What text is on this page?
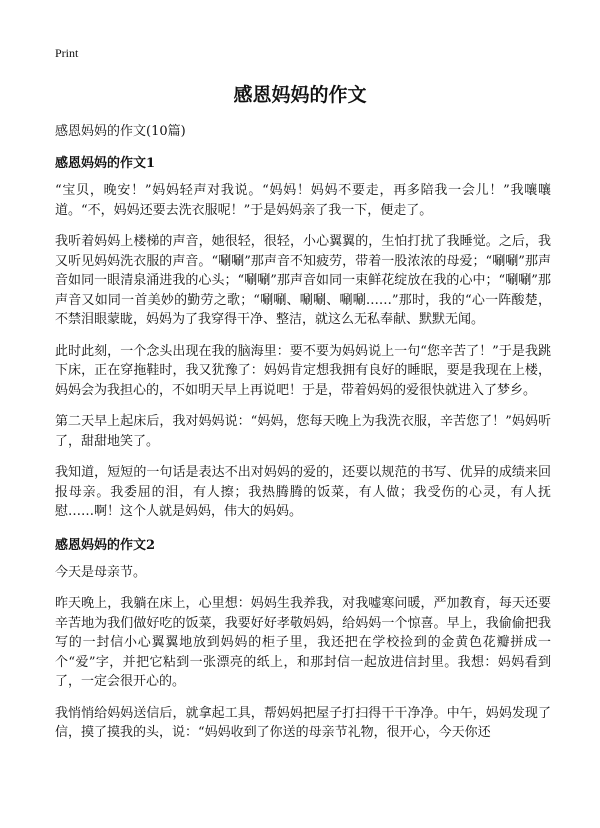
Print
感恩妈妈的作文
感恩妈妈的作文(10篇)
感恩妈妈的作文1

“宝贝，晚安！”妈妈轻声对我说。“妈妈！妈妈不要走，再多陪我一会儿！”我嚷嚷道。“不，妈妈还要去洗衣服呢！”于是妈妈亲了我一下，便走了。

我听着妈妈上楼梯的声音，她很轻，很轻，小心翼翼的，生怕打扰了我睡觉。之后，我又听见妈妈洗衣服的声音。“唰唰”那声音不知疲劳，带着一股浓浓的母爱；“唰唰”那声音如同一眼清泉涌进我的心头；“唰唰”那声音如同一束鲜花绽放在我的心中；“唰唰”那声音又如同一首美妙的勤劳之歌；“唰唰、唰唰、唰唰……”那时，我的“心一阵酸楚，不禁泪眼蒙眬，妈妈为了我穿得干净、整洁，就这么无私奉献、默默无闻。

此时此刻，一个念头出现在我的脑海里：要不要为妈妈说上一句“您辛苦了！”于是我跳下床，正在穿拖鞋时，我又犹豫了：妈妈肯定想我拥有良好的睡眠，要是我现在上楼，妈妈会为我担心的，不如明天早上再说吧！于是，带着妈妈的爱很快就进入了梦乡。

第二天早上起床后，我对妈妈说：“妈妈，您每天晚上为我洗衣服，辛苦您了！”妈妈听了，甜甜地笑了。

我知道，短短的一句话是表达不出对妈妈的爱的，还要以规范的书写、优异的成绩来回报母亲。我委屈的泪，有人擦；我热腾腾的饭菜，有人做；我受伤的心灵，有人抚慰……啊！这个人就是妈妈，伟大的妈妈。

感恩妈妈的作文2

今天是母亲节。

昨天晚上，我躺在床上，心里想：妈妈生我养我，对我嘘寒问暖，严加教育，每天还要辛苦地为我们做好吃的饭菜，我要好好孝敬妈妈，给妈妈一个惊喜。早上，我偷偷把我写的一封信小心翼翼地放到妈妈的柜子里，我还把在学校捡到的金黄色花瓣拼成一个“爱”字，并把它粘到一张漂亮的纸上，和那封信一起放进信封里。我想：妈妈看到了，一定会很开心的。

我悄悄给妈妈送信后，就拿起工具，帮妈妈把屋子打扫得干干净净。中午，妈妈发现了信，摸了摸我的头，说：“妈妈收到了你送的母亲节礼物，很开心，今天你还
